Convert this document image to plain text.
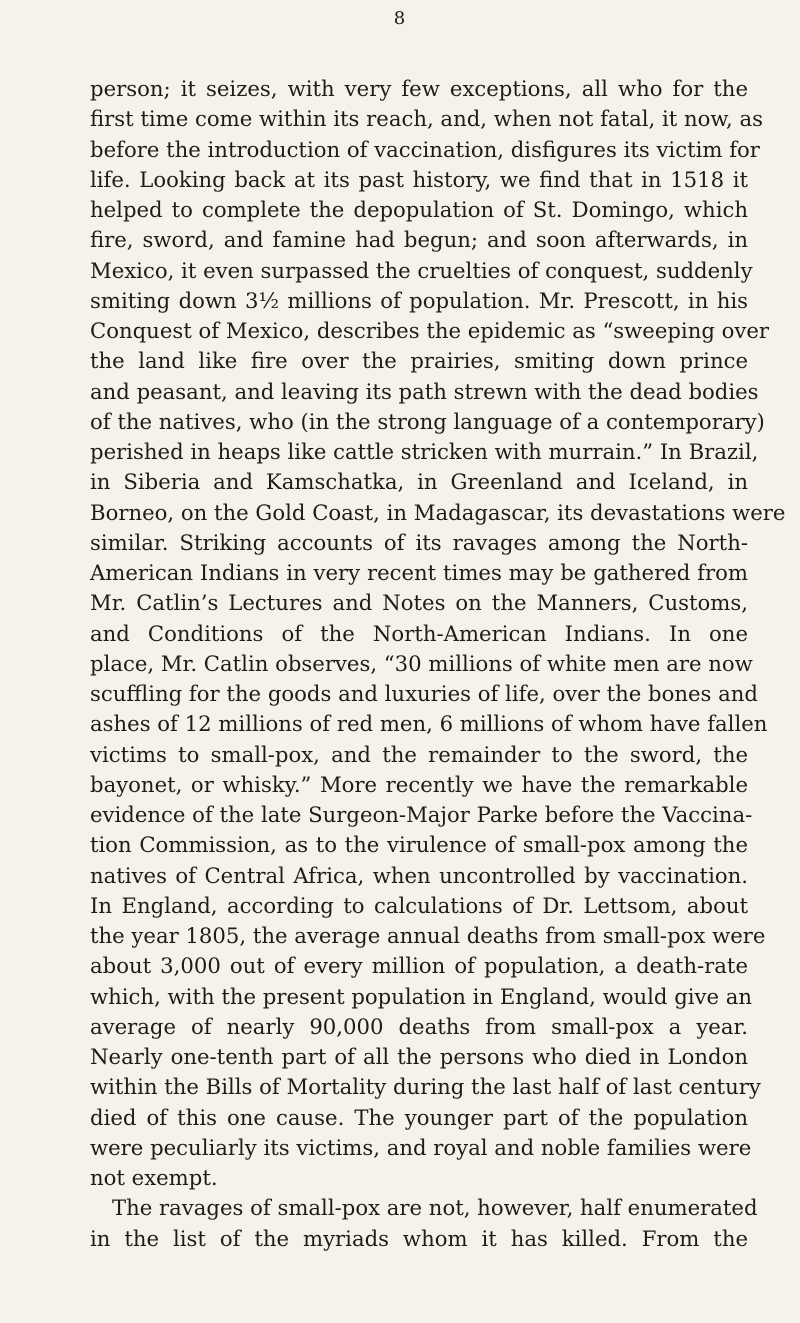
8
person; it seizes, with very few exceptions, all who for the
first time come within its reach, and, when not fatal, it now, as
before the introduction of vaccination, disfigures its victim for
life. Looking back at its past history, we find that in 1518 it
helped to complete the depopulation of St. Domingo, which
fire, sword, and famine had begun; and soon afterwards, in
Mexico, it even surpassed the cruelties of conquest, suddenly
smiting down 3½ millions of population. Mr. Prescott, in his
Conquest of Mexico, describes the epidemic as “sweeping over
the land like fire over the prairies, smiting down prince
and peasant, and leaving its path strewn with the dead bodies
of the natives, who (in the strong language of a contemporary)
perished in heaps like cattle stricken with murrain.” In Brazil,
in Siberia and Kamschatka, in Greenland and Iceland, in
Borneo, on the Gold Coast, in Madagascar, its devastations were
similar. Striking accounts of its ravages among the North-
American Indians in very recent times may be gathered from
Mr. Catlin’s Lectures and Notes on the Manners, Customs,
and Conditions of the North-American Indians. In one
place, Mr. Catlin observes, “30 millions of white men are now
scuffling for the goods and luxuries of life, over the bones and
ashes of 12 millions of red men, 6 millions of whom have fallen
victims to small-pox, and the remainder to the sword, the
bayonet, or whisky.” More recently we have the remarkable
evidence of the late Surgeon-Major Parke before the Vaccina-
tion Commission, as to the virulence of small-pox among the
natives of Central Africa, when uncontrolled by vaccination.
In England, according to calculations of Dr. Lettsom, about
the year 1805, the average annual deaths from small-pox were
about 3,000 out of every million of population, a death-rate
which, with the present population in England, would give an
average of nearly 90,000 deaths from small-pox a year.
Nearly one-tenth part of all the persons who died in London
within the Bills of Mortality during the last half of last century
died of this one cause. The younger part of the population
were peculiarly its victims, and royal and noble families were
not exempt.
The ravages of small-pox are not, however, half enumerated
in the list of the myriads whom it has killed. From the
